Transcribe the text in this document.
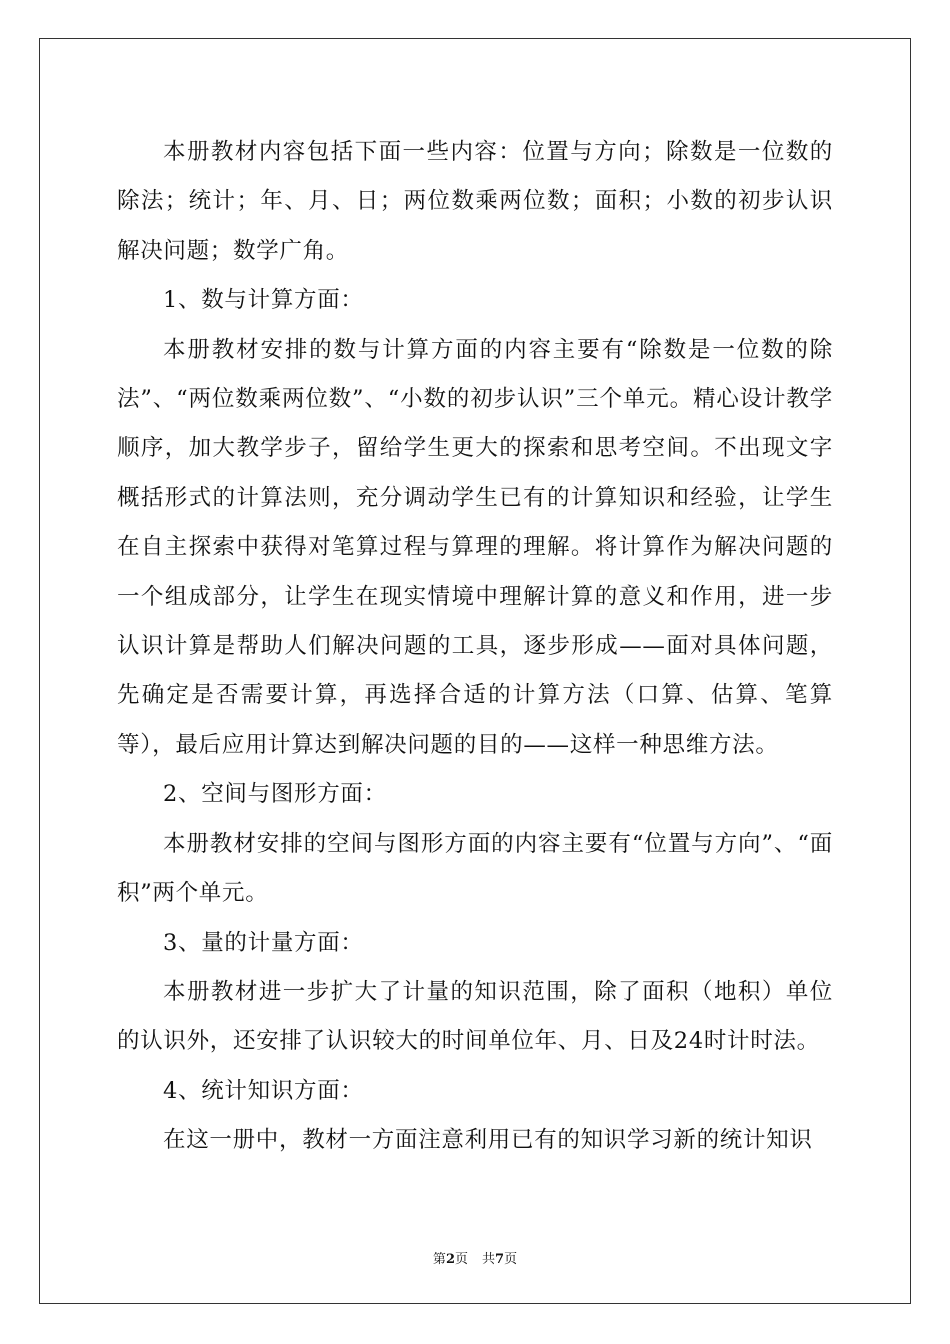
本册教材内容包括下面一些内容：位置与方向；除数是一位数的除法；统计；年、月、日；两位数乘两位数；面积；小数的初步认识解决问题；数学广角。

1、数与计算方面：

本册教材安排的数与计算方面的内容主要有“除数是一位数的除法”、“两位数乘两位数”、“小数的初步认识”三个单元。精心设计教学顺序，加大教学步子，留给学生更大的探索和思考空间。不出现文字概括形式的计算法则，充分调动学生已有的计算知识和经验，让学生在自主探索中获得对笔算过程与算理的理解。将计算作为解决问题的一个组成部分，让学生在现实情境中理解计算的意义和作用，进一步认识计算是帮助人们解决问题的工具，逐步形成——面对具体问题，先确定是否需要计算，再选择合适的计算方法（口算、估算、笔算等），最后应用计算达到解决问题的目的——这样一种思维方法。

2、空间与图形方面：

本册教材安排的空间与图形方面的内容主要有“位置与方向”、“面积”两个单元。

3、量的计量方面：

本册教材进一步扩大了计量的知识范围，除了面积（地积）单位的认识外，还安排了认识较大的时间单位年、月、日及24时计时法。

4、统计知识方面：

在这一册中，教材一方面注意利用已有的知识学习新的统计知识

第2页 共7页
